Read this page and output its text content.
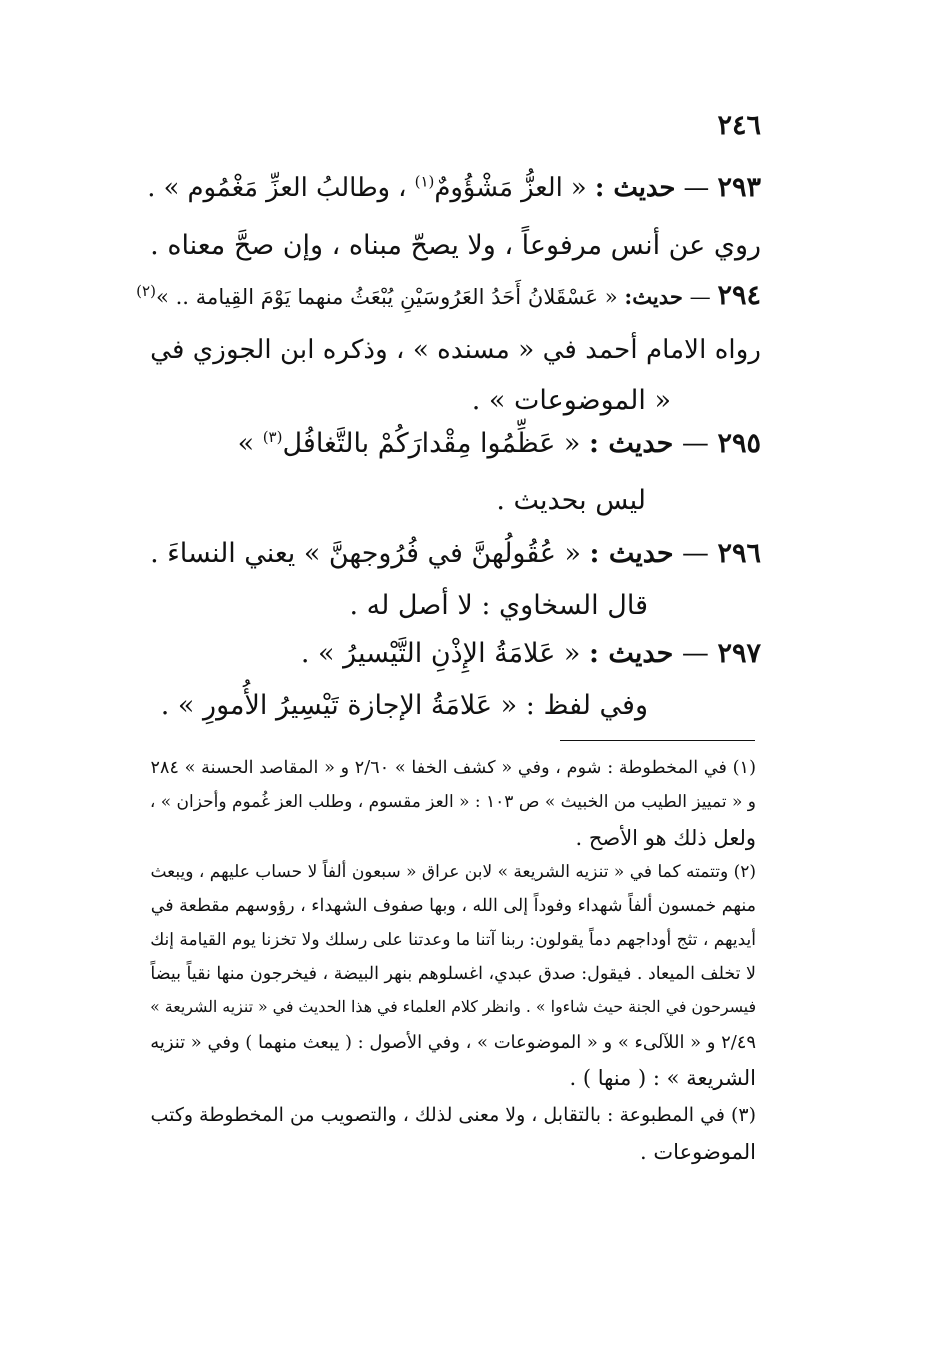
٢٤٦
٢٩٣ — حديث : « العزُّ مَشْؤُومٌ$^{(١)}$ ، وطالبُ العزِّ مَغْمُوم » .
روي عن أنس مرفوعاً ، ولا يصحّ مبناه ، وإن صحَّ معناه .
٢٩٤ — حديث: « عَسْقَلانُ أَحَدُ العَرُوسَيْنِ يُبْعَثُ منهما يَوْمَ القِيامة .. »$^{(٢)}$
رواه الامام أحمد في « مسنده » ، وذكره ابن الجوزي في
« الموضوعات » .
٢٩٥ — حديث : « عَظِّمُوا مِقْدارَكُمْ بالتَّغافُل$^{(٣)}$ »
ليس بحديث .
٢٩٦ — حديث : « عُقُولُهنَّ في فُرُوجهنَّ » يعني النساءَ .
قال السخاوي : لا أصل له .
٢٩٧ — حديث : « عَلامَةُ الإِذْنِ التَّيْسيرُ » .
وفي لفظ : « عَلامَةُ الإجازة تَيْسِيرُ الأُمورِ » .
(١) في المخطوطة : شوم ، وفي « كشف الخفا » ٢/٦٠ و « المقاصد الحسنة » ٢٨٤
و « تمييز الطيب من الخبيث » ص ١٠٣ : « العز مقسوم ، وطلب العز غُموم وأحزان » ،
ولعل ذلك هو الأصح .
(٢) وتتمته كما في « تنزيه الشريعة » لابن عراق « سبعون ألفاً لا حساب عليهم ، ويبعث
منهم خمسون ألفاً شهداء وفوداً إلى الله ، وبها صفوف الشهداء ، رؤوسهم مقطعة في
أيديهم ، تثج أوداجهم دماً يقولون: ربنا آتنا ما وعدتنا على رسلك ولا تخزنا يوم القيامة إنك
لا تخلف الميعاد . فيقول: صدق عبدي، اغسلوهم بنهر البيضة ، فيخرجون منها نقياً بيضاً
فيسرحون في الجنة حيث شاءوا » . وانظر كلام العلماء في هذا الحديث في « تنزيه الشريعة »
٢/٤٩ و « اللآلىء » و « الموضوعات » ، وفي الأصول : ( يبعث منهما ) وفي « تنزيه
الشريعة » : ( منها ) .
(٣) في المطبوعة : بالتقابل ، ولا معنى لذلك ، والتصويب من المخطوطة وكتب
الموضوعات .
